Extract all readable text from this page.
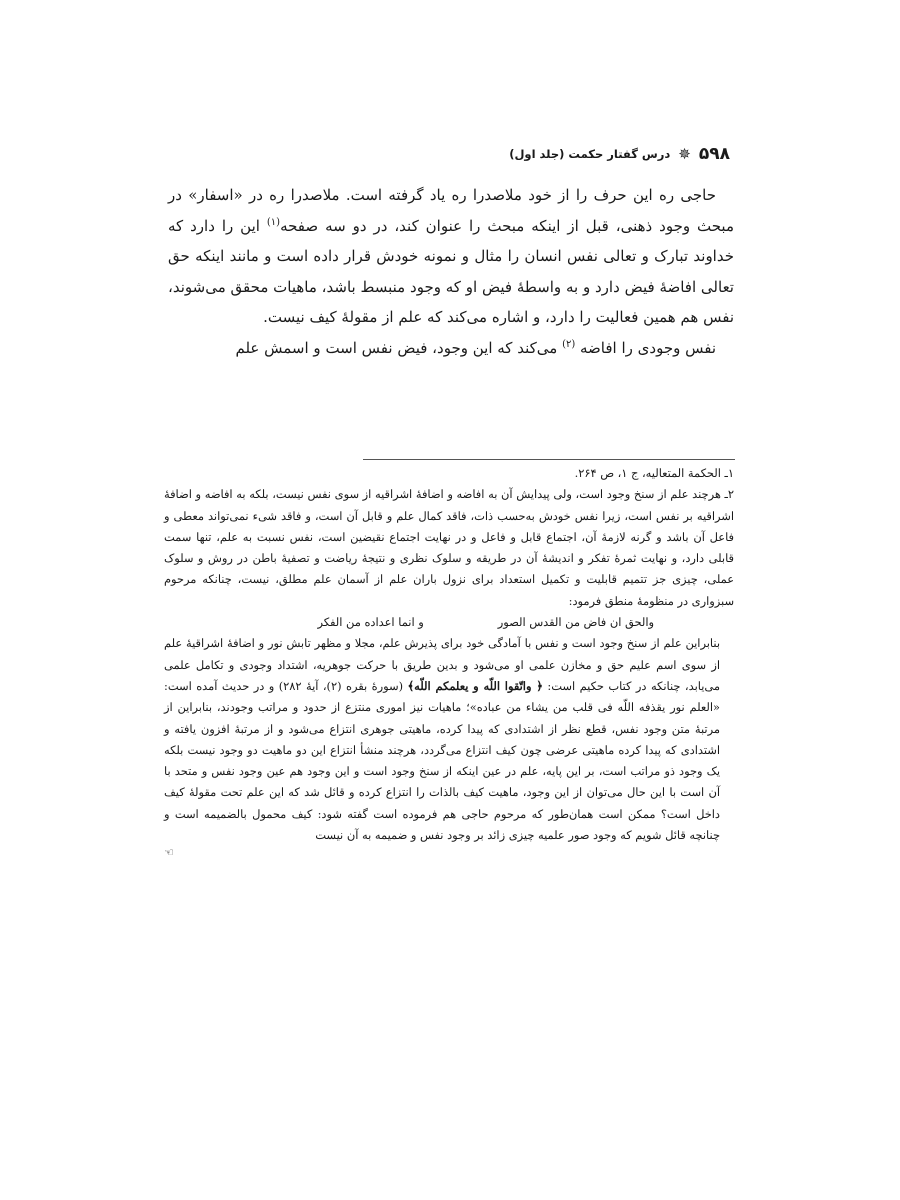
۵۹۸
✵
درس گفتار حکمت (جلد اول)

حاجی ره این حرف را از خود ملاصدرا ره یاد گرفته است. ملاصدرا ره در «اسفار» در مبحث وجود ذهنی، قبل از اینکه مبحث را عنوان کند، در دو سه صفحه$^{(۱)}$ این را دارد که خداوند تبارک و تعالی نفس انسان را مثال و نمونه خودش قرار داده است و مانند اینکه حق تعالی افاضهٔ فیض دارد و به واسطهٔ فیض او که وجود منبسط باشد، ماهیات محقق می‌شوند، نفس هم همین فعالیت را دارد، و اشاره می‌کند که علم از مقولهٔ کیف نیست.

نفس وجودی را افاضه $^{(۲)}$ می‌کند که این وجود، فیض نفس است و اسمش علم

۱ـ الحکمة المتعالیه، ج ۱، ص ۲۶۴.

۲ـ هرچند علم از سنخ وجود است، ولی پیدایش آن به افاضه و اضافهٔ اشراقیه از سوی نفس نیست، بلکه به افاضه و اضافهٔ اشراقیه بر نفس است، زیرا نفس خودش به‌حسب ذات، فاقد کمال علم و قابل آن است، و فاقد شیء نمی‌تواند معطی و فاعل آن باشد و گرنه لازمهٔ آن، اجتماع قابل و فاعل و در نهایت اجتماع نقیضین است، نفس نسبت به علم، تنها سمت قابلی دارد، و نهایت ثمرهٔ تفکر و اندیشهٔ آن در طریقه و سلوک نظری و نتیجهٔ ریاضت و تصفیهٔ باطن در روش و سلوک عملی، چیزی جز تتمیم قابلیت و تکمیل استعداد برای نزول باران علم از آسمان علم مطلق، نیست، چنانکه مرحوم سبزواری در منظومهٔ منطق فرمود:

والحق ان فاض من القدس الصور
و انما اعداده من الفکر

بنابراین علم از سنخ وجود است و نفس با آمادگی خود برای پذیرش علم، مجلا و مظهر تابش نور و اضافهٔ اشراقیهٔ علم از سوی اسم علیم حق و مخازن علمی او می‌شود و بدین طریق با حرکت جوهریه، اشتداد وجودی و تکامل علمی می‌یابد، چنانکه در کتاب حکیم است: ﴿ واتّقوا اللّه و یعلمکم اللّه﴾ (سورهٔ بقره (۲)، آیهٔ ۲۸۲) و در حدیث آمده است: «العلم نور یقذفه اللّه فی قلب من یشاء من عباده»؛ ماهیات نیز اموری منتزع از حدود و مراتب وجودند، بنابراین از مرتبهٔ متن وجود نفس، قطع نظر از اشتدادی که پیدا کرده، ماهیتی جوهری انتزاع می‌شود و از مرتبهٔ افزون یافته و اشتدادی که پیدا کرده ماهیتی عرضی چون کیف انتزاع می‌گردد، هرچند منشأ انتزاع این دو ماهیت دو وجود نیست بلکه یک وجود ذو مراتب است، بر این پایه، علم در عین اینکه از سنخ وجود است و این وجود هم عین وجود نفس و متحد با آن است با این حال می‌توان از این وجود، ماهیت کیف بالذات را انتزاع کرده و قائل شد که این علم تحت مقولهٔ کیف داخل است؟ ممکن است همان‌طور که مرحوم حاجی هم فرموده است گفته شود: کیف محمول بالضمیمه است و چنانچه قائل شویم که وجود صور علمیه چیزی زائد بر وجود نفس و ضمیمه به آن نیست

☜
